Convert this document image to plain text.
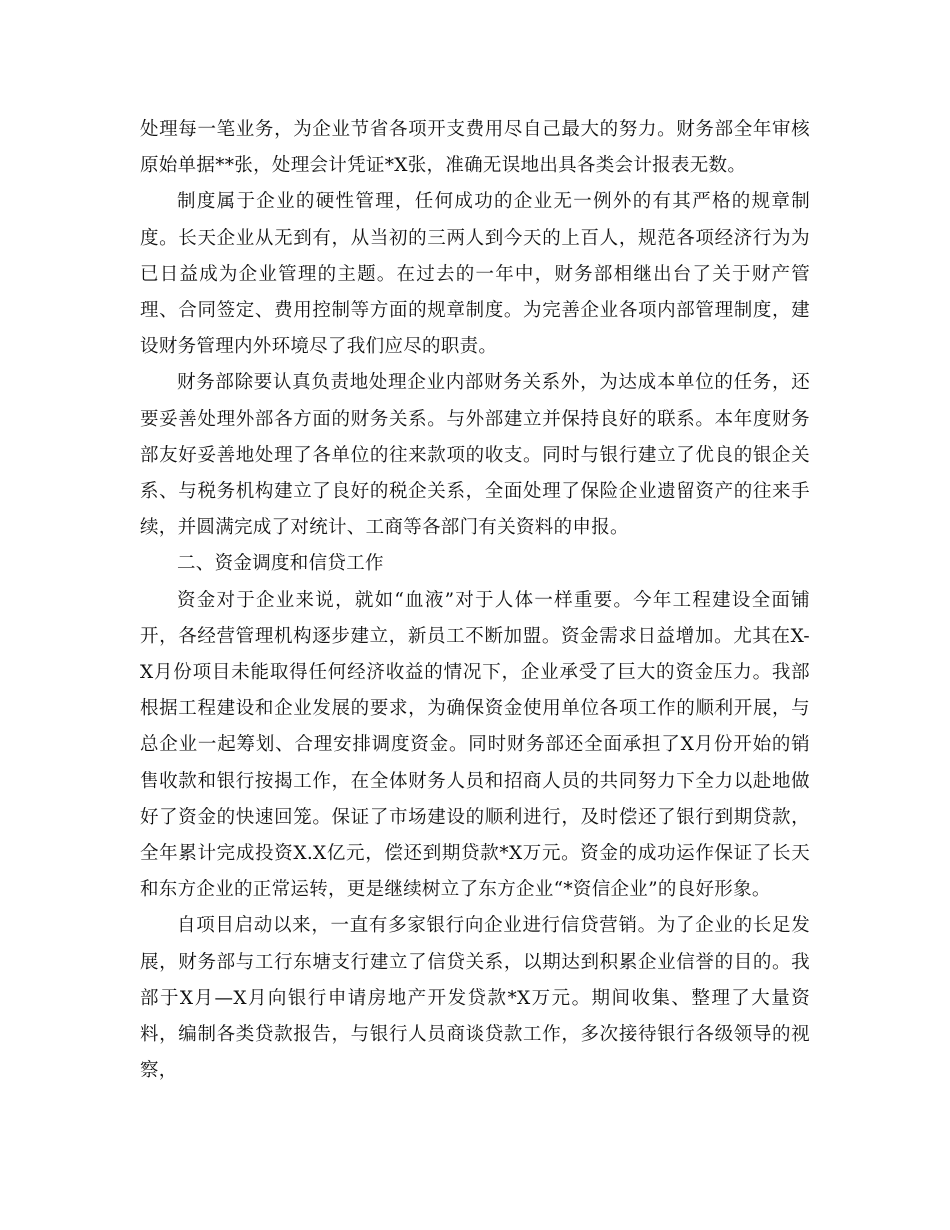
处理每一笔业务，为企业节省各项开支费用尽自己最大的努力。财务部全年审核原始单据**张，处理会计凭证*X张，准确无误地出具各类会计报表无数。

制度属于企业的硬性管理，任何成功的企业无一例外的有其严格的规章制度。长天企业从无到有，从当初的三两人到今天的上百人，规范各项经济行为为已日益成为企业管理的主题。在过去的一年中，财务部相继出台了关于财产管理、合同签定、费用控制等方面的规章制度。为完善企业各项内部管理制度，建设财务管理内外环境尽了我们应尽的职责。

财务部除要认真负责地处理企业内部财务关系外，为达成本单位的任务，还要妥善处理外部各方面的财务关系。与外部建立并保持良好的联系。本年度财务部友好妥善地处理了各单位的往来款项的收支。同时与银行建立了优良的银企关系、与税务机构建立了良好的税企关系，全面处理了保险企业遗留资产的往来手续，并圆满完成了对统计、工商等各部门有关资料的申报。

二、资金调度和信贷工作

资金对于企业来说，就如“血液”对于人体一样重要。今年工程建设全面铺开，各经营管理机构逐步建立，新员工不断加盟。资金需求日益增加。尤其在X-X月份项目未能取得任何经济收益的情况下，企业承受了巨大的资金压力。我部根据工程建设和企业发展的要求，为确保资金使用单位各项工作的顺利开展，与总企业一起筹划、合理安排调度资金。同时财务部还全面承担了X月份开始的销售收款和银行按揭工作，在全体财务人员和招商人员的共同努力下全力以赴地做好了资金的快速回笼。保证了市场建设的顺利进行，及时偿还了银行到期贷款，全年累计完成投资X.X亿元，偿还到期贷款*X万元。资金的成功运作保证了长天和东方企业的正常运转，更是继续树立了东方企业“*资信企业”的良好形象。

自项目启动以来，一直有多家银行向企业进行信贷营销。为了企业的长足发展，财务部与工行东塘支行建立了信贷关系，以期达到积累企业信誉的目的。我部于X月—X月向银行申请房地产开发贷款*X万元。期间收集、整理了大量资料，编制各类贷款报告，与银行人员商谈贷款工作，多次接待银行各级领导的视察，
